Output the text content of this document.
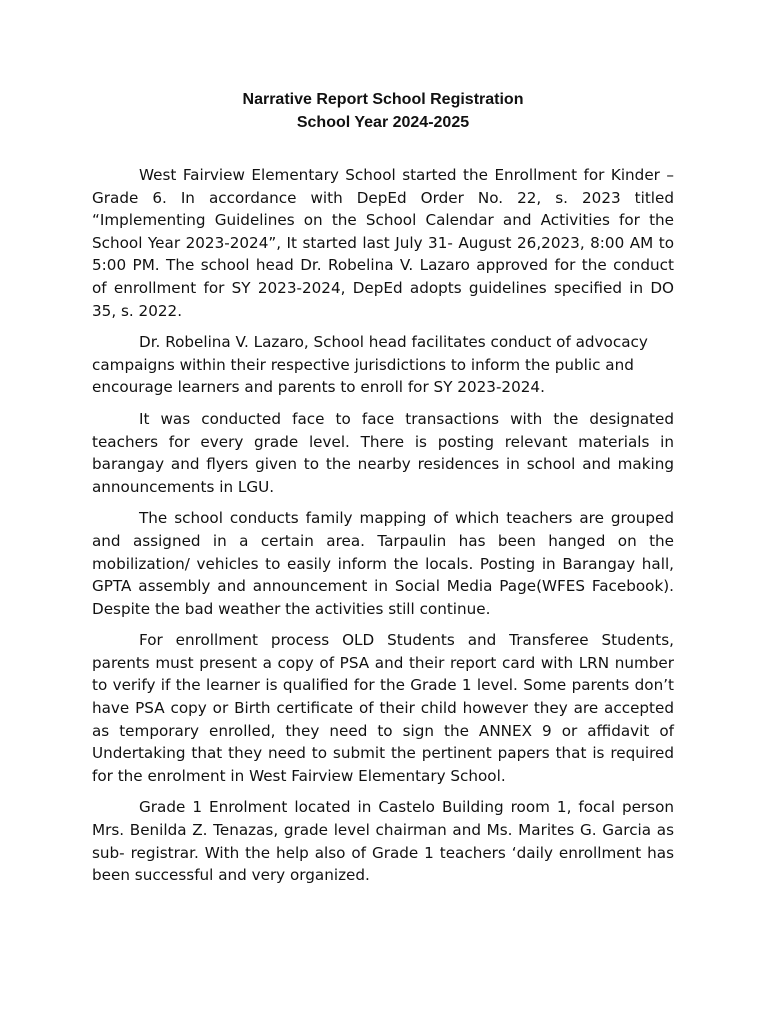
Narrative Report School Registration
School Year 2024-2025

West Fairview Elementary School started the Enrollment for Kinder – Grade 6. In accordance with DepEd Order No. 22, s. 2023 titled “Implementing Guidelines on the School Calendar and Activities for the School Year 2023-2024”, It started last July 31- August 26,2023, 8:00 AM to 5:00 PM. The school head Dr. Robelina V. Lazaro approved for the conduct of enrollment for SY 2023-2024, DepEd adopts guidelines specified in DO 35, s. 2022.

Dr. Robelina V. Lazaro, School head facilitates conduct of advocacy campaigns within their respective jurisdictions to inform the public and encourage learners and parents to enroll for SY 2023-2024.

It was conducted face to face transactions with the designated teachers for every grade level. There is posting relevant materials in barangay and flyers given to the nearby residences in school and making announcements in LGU.

The school conducts family mapping of which teachers are grouped and assigned in a certain area. Tarpaulin has been hanged on the mobilization/ vehicles to easily inform the locals. Posting in Barangay hall, GPTA assembly and announcement in Social Media Page(WFES Facebook). Despite the bad weather the activities still continue.

For enrollment process OLD Students and Transferee Students, parents must present a copy of PSA and their report card with LRN number to verify if the learner is qualified for the Grade 1 level. Some parents don’t have PSA copy or Birth certificate of their child however they are accepted as temporary enrolled, they need to sign the ANNEX 9 or affidavit of Undertaking that they need to submit the pertinent papers that is required for the enrolment in West Fairview Elementary School.

Grade 1 Enrolment located in Castelo Building room 1, focal person Mrs. Benilda Z. Tenazas, grade level chairman and Ms. Marites G. Garcia as sub- registrar. With the help also of Grade 1 teachers ‘daily enrollment has been successful and very organized.
